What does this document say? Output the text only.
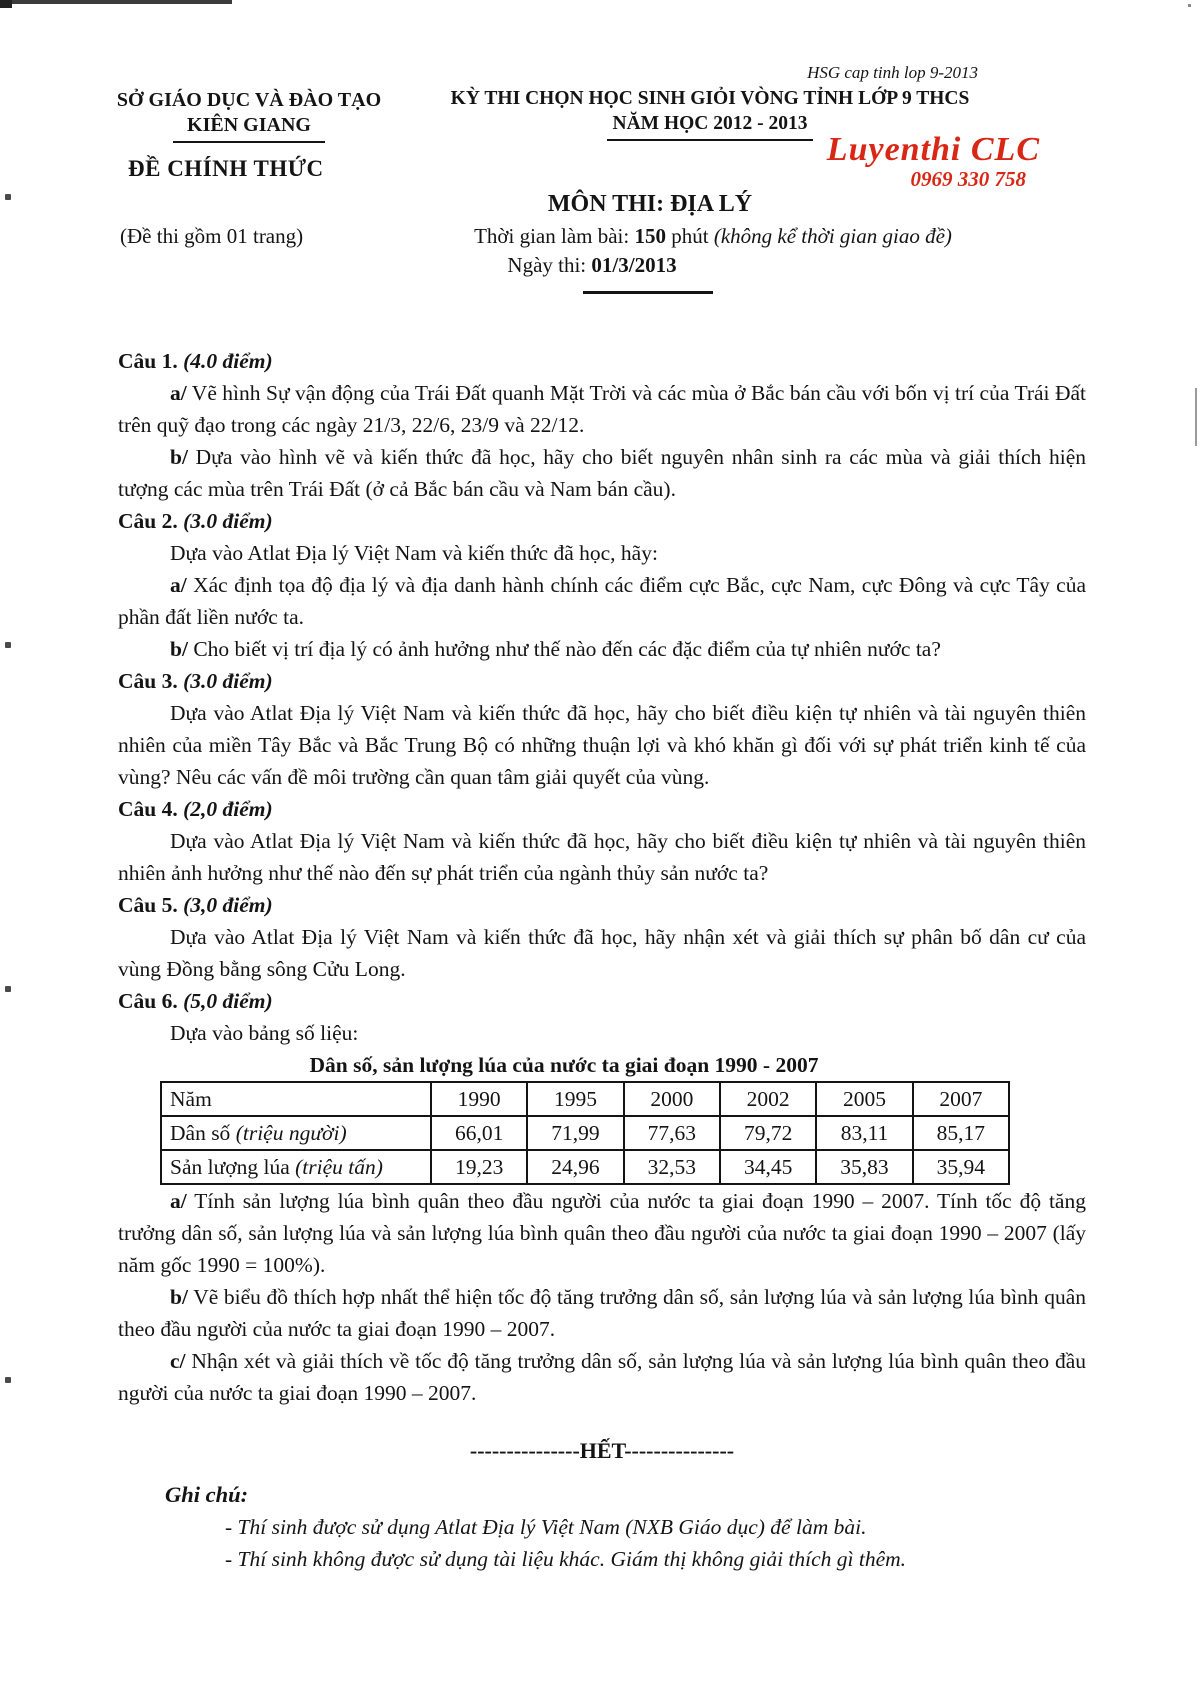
HSG cap tinh lop 9-2013
SỞ GIÁO DỤC VÀ ĐÀO TẠO
KIÊN GIANG
KỲ THI CHỌN HỌC SINH GIỎI VÒNG TỈNH LỚP 9 THCS
NĂM HỌC 2012 - 2013
ĐỀ CHÍNH THỨC
Luyenthi CLC
0969 330 758
MÔN THI: ĐỊA LÝ
(Đề thi gồm 01 trang)	Thời gian làm bài: 150 phút (không kể thời gian giao đề)
Ngày thi: 01/3/2013

Câu 1. (4.0 điểm)

a/ Vẽ hình Sự vận động của Trái Đất quanh Mặt Trời và các mùa ở Bắc bán cầu với bốn vị trí của Trái Đất trên quỹ đạo trong các ngày 21/3, 22/6, 23/9 và 22/12.

b/ Dựa vào hình vẽ và kiến thức đã học, hãy cho biết nguyên nhân sinh ra các mùa và giải thích hiện tượng các mùa trên Trái Đất (ở cả Bắc bán cầu và Nam bán cầu).

Câu 2. (3.0 điểm)

Dựa vào Atlat Địa lý Việt Nam và kiến thức đã học, hãy:

a/ Xác định tọa độ địa lý và địa danh hành chính các điểm cực Bắc, cực Nam, cực Đông và cực Tây của phần đất liền nước ta.

b/ Cho biết vị trí địa lý có ảnh hưởng như thế nào đến các đặc điểm của tự nhiên nước ta?

Câu 3. (3.0 điểm)

Dựa vào Atlat Địa lý Việt Nam và kiến thức đã học, hãy cho biết điều kiện tự nhiên và tài nguyên thiên nhiên của miền Tây Bắc và Bắc Trung Bộ có những thuận lợi và khó khăn gì đối với sự phát triển kinh tế của vùng? Nêu các vấn đề môi trường cần quan tâm giải quyết của vùng.

Câu 4. (2,0 điểm)

Dựa vào Atlat Địa lý Việt Nam và kiến thức đã học, hãy cho biết điều kiện tự nhiên và tài nguyên thiên nhiên ảnh hưởng như thế nào đến sự phát triển của ngành thủy sản nước ta?

Câu 5. (3,0 điểm)

Dựa vào Atlat Địa lý Việt Nam và kiến thức đã học, hãy nhận xét và giải thích sự phân bố dân cư của vùng Đồng bằng sông Cửu Long.

Câu 6. (5,0 điểm)

Dựa vào bảng số liệu:

Dân số, sản lượng lúa của nước ta giai đoạn 1990 - 2007

Năm	1990	1995	2000	2002	2005	2007
Dân số (triệu người)	66,01	71,99	77,63	79,72	83,11	85,17
Sản lượng lúa (triệu tấn)	19,23	24,96	32,53	34,45	35,83	35,94

a/ Tính sản lượng lúa bình quân theo đầu người của nước ta giai đoạn 1990 – 2007. Tính tốc độ tăng trưởng dân số, sản lượng lúa và sản lượng lúa bình quân theo đầu người của nước ta giai đoạn 1990 – 2007 (lấy năm gốc 1990 = 100%).

b/ Vẽ biểu đồ thích hợp nhất thể hiện tốc độ tăng trưởng dân số, sản lượng lúa và sản lượng lúa bình quân theo đầu người của nước ta giai đoạn 1990 – 2007.

c/ Nhận xét và giải thích về tốc độ tăng trưởng dân số, sản lượng lúa và sản lượng lúa bình quân theo đầu người của nước ta giai đoạn 1990 – 2007.

---------------HẾT---------------

Ghi chú:

- Thí sinh được sử dụng Atlat Địa lý Việt Nam (NXB Giáo dục) để làm bài.

- Thí sinh không được sử dụng tài liệu khác. Giám thị không giải thích gì thêm.
